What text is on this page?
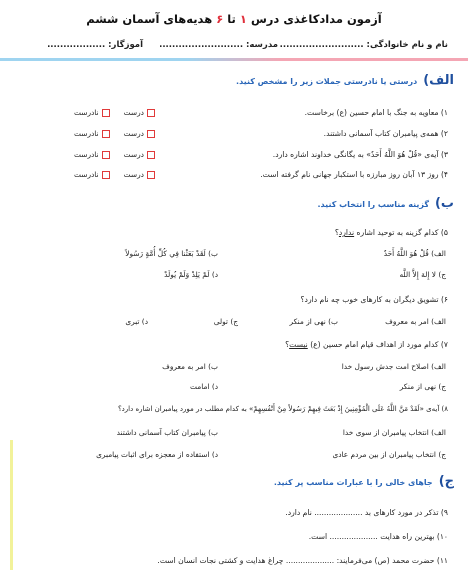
آزمون مدادکاغذی درس ۱ تا ۶ هدیه‌های آسمان ششم
نام و نام خانوادگی: ..........................
مدرسه: ..........................
آموزگار: ..................
الف)درستی یا نادرستی جملات زیر را مشخص کنید.
۱) معاویه به جنگ با امام حسین (ع) برخاست.
۲) همه‌ی پیامبران کتاب آسمانی داشتند.
۳) آیه‌ی «قُلْ هُوَ اللَّهُ أَحَدٌ» به یگانگی خداوند اشاره دارد.
۴) روز ۱۳ آبان روز مبارزه با استکبار جهانی نام گرفته است.
درستنادرست
درستنادرست
درستنادرست
درستنادرست
ب)گزینه مناسب را انتخاب کنید.
۵) کدام گزینه به توحید اشاره ندارد؟
الف) قُلْ هُوَ اللَّهُ أَحَدٌ
ب) لَقَدْ بَعَثْنا فِي كُلِّ أُمَّةٍ رَسُولاً
ج) لا إِلهَ إِلاَّ اللَّه
د) لَمْ يَلِدْ وَلَمْ يُولَدْ
۶) تشویق دیگران به کارهای خوب چه نام دارد؟
الف) امر به معروف
ب) نهی از منکر
ج) تولی
د) تبری
۷) کدام مورد از اهداف قیام امام حسین (ع) نیست؟
الف) اصلاح امت جدش رسول خدا
ب) امر به معروف
ج) نهی از منکر
د) امامت
۸) آیه‌ی «لَقَدْ مَنَّ اللَّهُ عَلَى الْمُؤْمِنِينَ إِذْ بَعَثَ فِيهِمْ رَسُولاً مِنْ أَنْفُسِهِمْ» به کدام مطلب در مورد پیامبران اشاره دارد؟
الف) انتخاب پیامبران از سوی خدا
ب) پیامبران کتاب آسمانی داشتند
ج) انتخاب پیامبران از بین مردم عادی
د) استفاده از معجزه برای اثبات پیامبری
ج)جاهای خالی را با عبارات مناسب پر کنید.
۹) تذکر در مورد کارهای بد .................... نام دارد.
۱۰) بهترین راه هدایت .................... است.
۱۱) حضرت محمد (ص) می‌فرمایند: .................... چراغ هدایت و کشتی نجات انسان است.
